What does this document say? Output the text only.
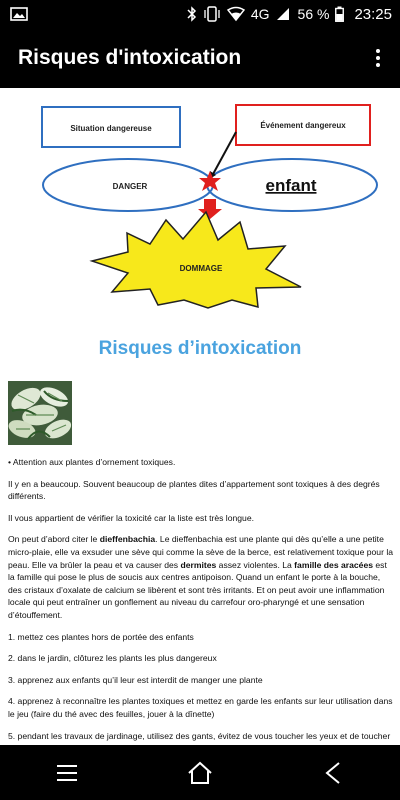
4G 56 % 23:25
Risques d'intoxication
Situation dangereuse	Événement dangereux
DANGER	enfant
DOMMAGE
Risques d’intoxication

• Attention aux plantes d’ornement toxiques.

Il y en a beaucoup. Souvent beaucoup de plantes dites d’appartement sont toxiques à des degrés différents.

Il vous appartient de vérifier la toxicité car la liste est très longue.

On peut d’abord citer le dieffenbachia. Le dieffenbachia est une plante qui dès qu’elle a une petite micro-plaie, elle va exsuder une sève qui comme la sève de la berce, est relativement toxique pour la peau. Elle va brûler la peau et va causer des dermites assez violentes. La famille des aracées est la famille qui pose le plus de soucis aux centres antipoison. Quand un enfant le porte à la bouche, des cristaux d’oxalate de calcium se libèrent et sont très irritants. Et on peut avoir une inflammation locale qui peut entraîner un gonflement au niveau du carrefour oro-pharyngé et une sensation d’étouffement.

1. mettez ces plantes hors de portée des enfants

2. dans le jardin, clôturez les plants les plus dangereux

3. apprenez aux enfants qu’il leur est interdit de manger une plante

4. apprenez à reconnaître les plantes toxiques et mettez en garde les enfants sur leur utilisation dans le jeu (faire du thé avec des feuilles, jouer à la dînette)

5. pendant les travaux de jardinage, utilisez des gants, évitez de vous toucher les yeux et de toucher
